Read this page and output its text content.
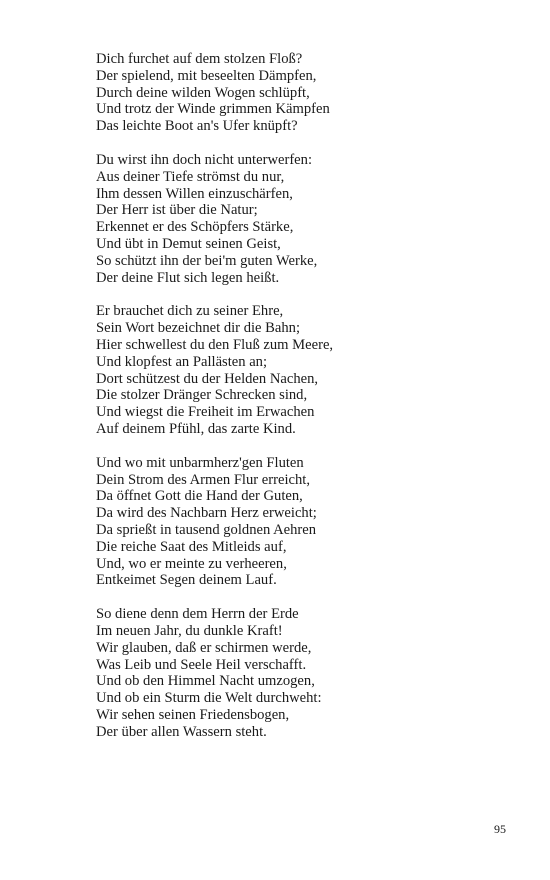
Dich furchet auf dem stolzen Floß?
Der spielend, mit beseelten Dämpfen,
Durch deine wilden Wogen schlüpft,
Und trotz der Winde grimmen Kämpfen
Das leichte Boot an's Ufer knüpft?
Du wirst ihn doch nicht unterwerfen:
Aus deiner Tiefe strömst du nur,
Ihm dessen Willen einzuschärfen,
Der Herr ist über die Natur;
Erkennet er des Schöpfers Stärke,
Und übt in Demut seinen Geist,
So schützt ihn der bei'm guten Werke,
Der deine Flut sich legen heißt.
Er brauchet dich zu seiner Ehre,
Sein Wort bezeichnet dir die Bahn;
Hier schwellest du den Fluß zum Meere,
Und klopfest an Pallästen an;
Dort schützest du der Helden Nachen,
Die stolzer Dränger Schrecken sind,
Und wiegst die Freiheit im Erwachen
Auf deinem Pfühl, das zarte Kind.
Und wo mit unbarmherz'gen Fluten
Dein Strom des Armen Flur erreicht,
Da öffnet Gott die Hand der Guten,
Da wird des Nachbarn Herz erweicht;
Da sprießt in tausend goldnen Aehren
Die reiche Saat des Mitleids auf,
Und, wo er meinte zu verheeren,
Entkeimet Segen deinem Lauf.
So diene denn dem Herrn der Erde
Im neuen Jahr, du dunkle Kraft!
Wir glauben, daß er schirmen werde,
Was Leib und Seele Heil verschafft.
Und ob den Himmel Nacht umzogen,
Und ob ein Sturm die Welt durchweht:
Wir sehen seinen Friedensbogen,
Der über allen Wassern steht.
95
